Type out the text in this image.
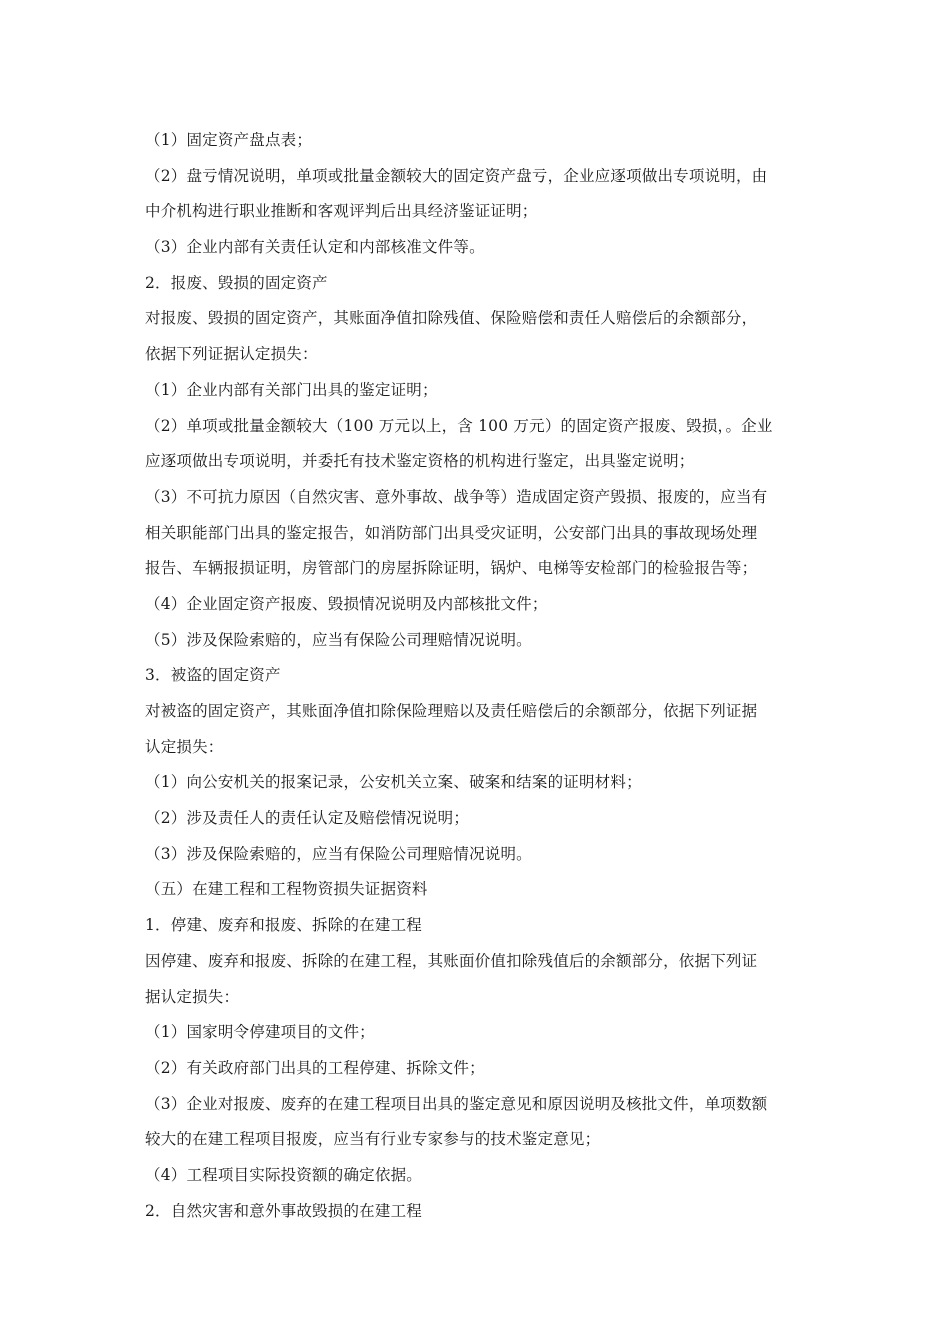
（1）固定资产盘点表；
（2）盘亏情况说明，单项或批量金额较大的固定资产盘亏，企业应逐项做出专项说明，由
中介机构进行职业推断和客观评判后出具经济鉴证证明；
（3）企业内部有关责任认定和内部核准文件等。
2．报废、毁损的固定资产
对报废、毁损的固定资产，其账面净值扣除残值、保险赔偿和责任人赔偿后的余额部分，
依据下列证据认定损失：
（1）企业内部有关部门出具的鉴定证明；
（2）单项或批量金额较大（100 万元以上，含 100 万元）的固定资产报废、毁损，。企业
应逐项做出专项说明，并委托有技术鉴定资格的机构进行鉴定，出具鉴定说明；
（3）不可抗力原因（自然灾害、意外事故、战争等）造成固定资产毁损、报废的，应当有
相关职能部门出具的鉴定报告，如消防部门出具受灾证明，公安部门出具的事故现场处理
报告、车辆报损证明，房管部门的房屋拆除证明，锅炉、电梯等安检部门的检验报告等；
（4）企业固定资产报废、毁损情况说明及内部核批文件；
（5）涉及保险索赔的，应当有保险公司理赔情况说明。
3．被盗的固定资产
对被盗的固定资产，其账面净值扣除保险理赔以及责任赔偿后的余额部分，依据下列证据
认定损失：
（1）向公安机关的报案记录，公安机关立案、破案和结案的证明材料；
（2）涉及责任人的责任认定及赔偿情况说明；
（3）涉及保险索赔的，应当有保险公司理赔情况说明。
（五）在建工程和工程物资损失证据资料
1．停建、废弃和报废、拆除的在建工程
因停建、废弃和报废、拆除的在建工程，其账面价值扣除残值后的余额部分，依据下列证
据认定损失：
（1）国家明令停建项目的文件；
（2）有关政府部门出具的工程停建、拆除文件；
（3）企业对报废、废弃的在建工程项目出具的鉴定意见和原因说明及核批文件，单项数额
较大的在建工程项目报废，应当有行业专家参与的技术鉴定意见；
（4）工程项目实际投资额的确定依据。
2．自然灾害和意外事故毁损的在建工程
